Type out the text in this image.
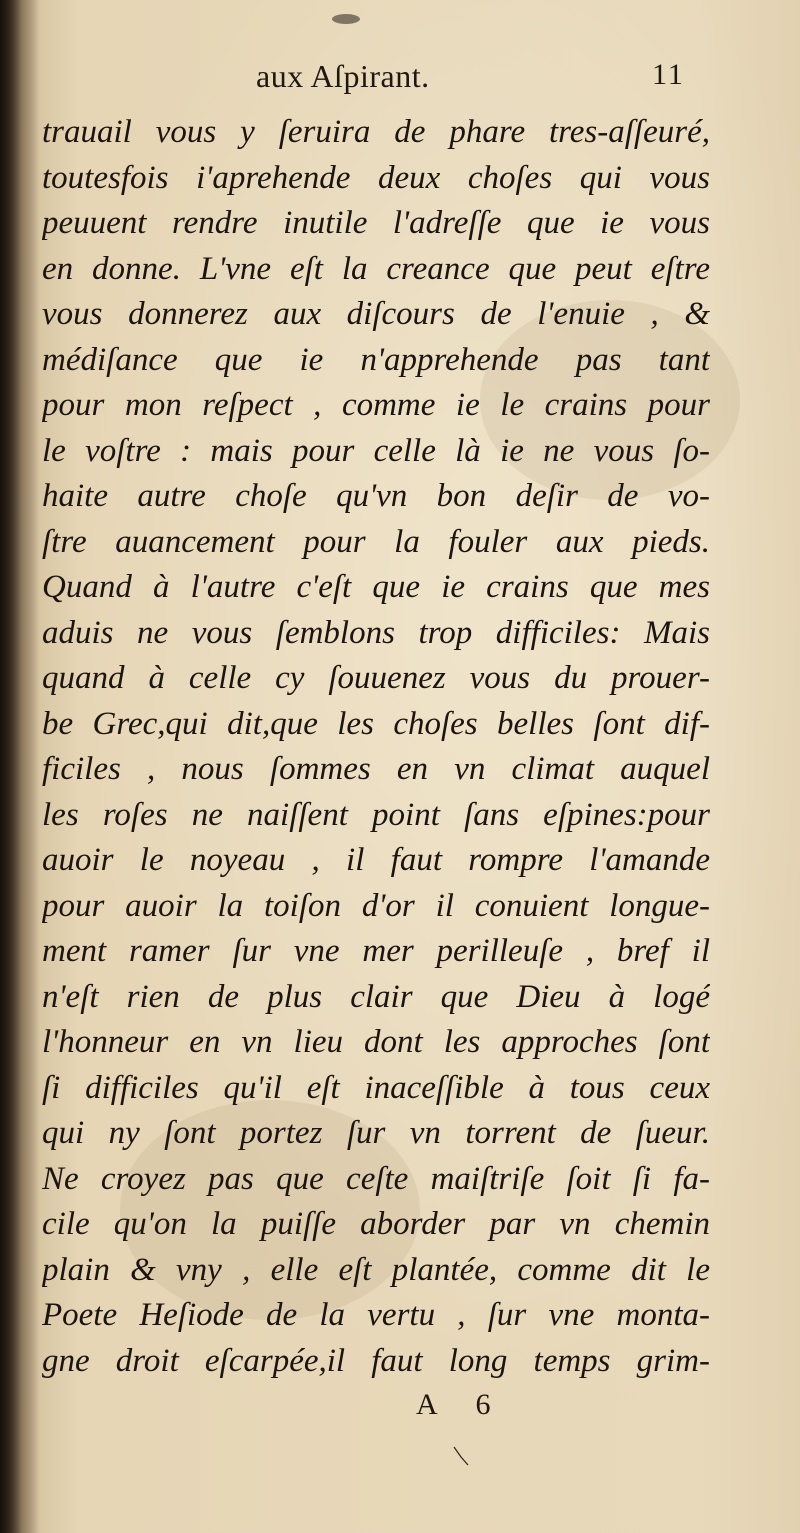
aux Aſpirant.	11
trauail vous y ſeruira de phare tres-aſſeuré,
toutesfois i'aprehende deux choſes qui vous
peuuent rendre inutile l'adreſſe que ie vous
en donne. L'vne eſt la creance que peut eſtre
vous donnerez aux diſcours de l'enuie , &
médiſance que ie n'apprehende pas tant
pour mon reſpect , comme ie le crains pour
le voſtre : mais pour celle là ie ne vous ſo-
haite autre choſe qu'vn bon deſir de vo-
ſtre auancement pour la fouler aux pieds.
Quand à l'autre c'eſt que ie crains que mes
aduis ne vous ſemblons trop difficiles: Mais
quand à celle cy ſouuenez vous du prouer-
be Grec,qui dit,que les choſes belles ſont dif-
ficiles , nous ſommes en vn climat auquel
les roſes ne naiſſent point ſans eſpines:pour
auoir le noyeau , il faut rompre l'amande
pour auoir la toiſon d'or il conuient longue-
ment ramer ſur vne mer perilleuſe , bref il
n'eſt rien de plus clair que Dieu à logé
l'honneur en vn lieu dont les approches ſont
ſi difficiles qu'il eſt inaceſſible à tous ceux
qui ny ſont portez ſur vn torrent de ſueur.
Ne croyez pas que ceſte maiſtriſe ſoit ſi fa-
cile qu'on la puiſſe aborder par vn chemin
plain & vny , elle eſt plantée, comme dit le
Poete Heſiode de la vertu , ſur vne monta-
gne droit eſcarpée,il faut long temps grim-
A 6
